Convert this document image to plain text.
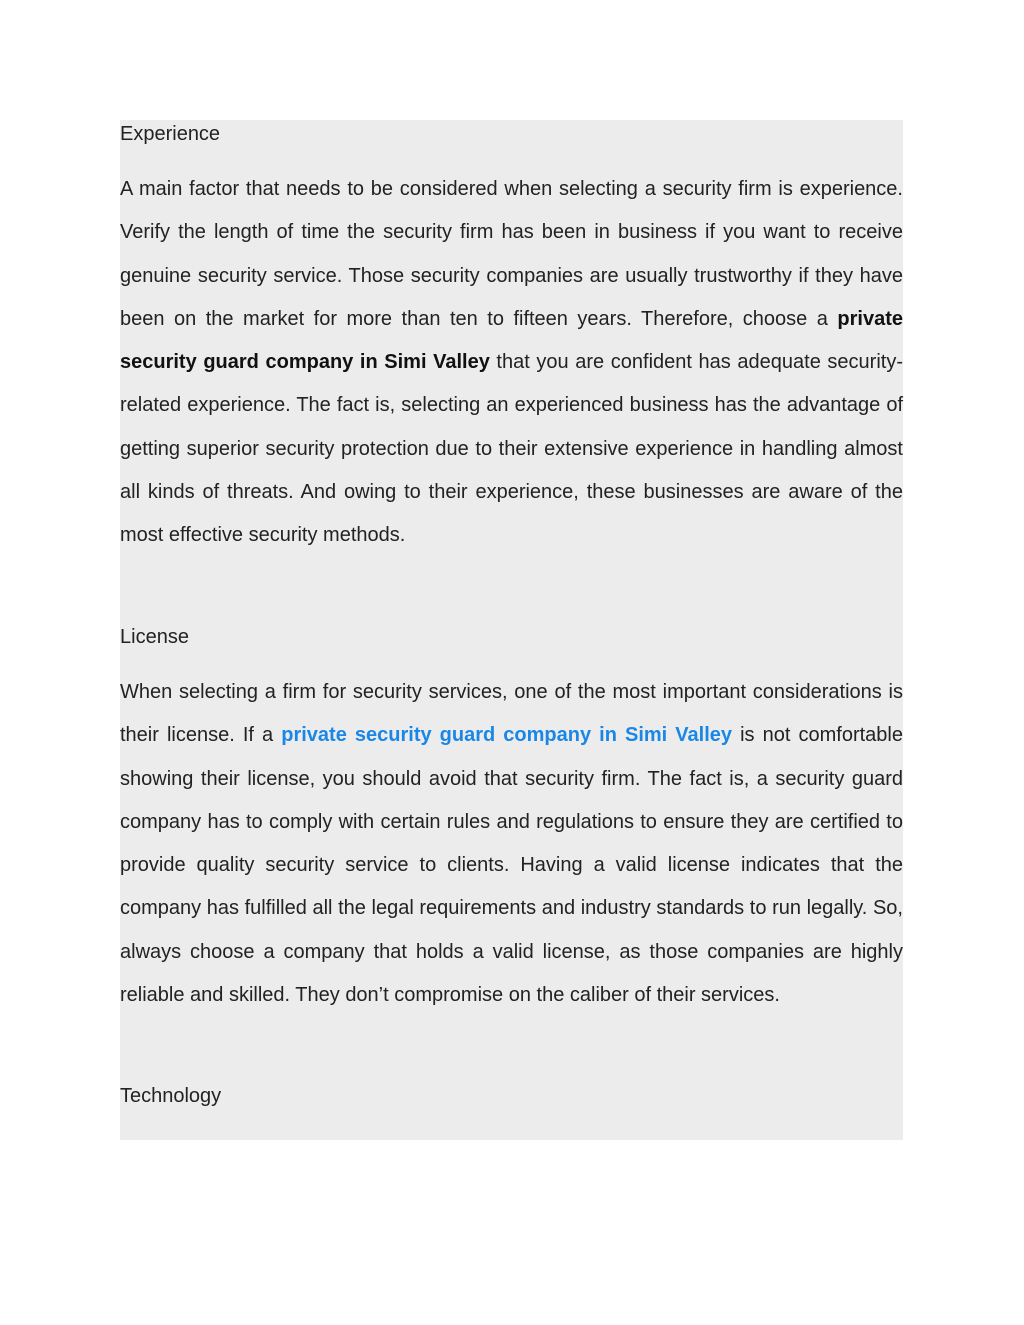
Experience

A main factor that needs to be considered when selecting a security firm is experience. Verify the length of time the security firm has been in business if you want to receive genuine security service. Those security companies are usually trustworthy if they have been on the market for more than ten to fifteen years. Therefore, choose a private security guard company in Simi Valley that you are confident has adequate security-related experience. The fact is, selecting an experienced business has the advantage of getting superior security protection due to their extensive experience in handling almost all kinds of threats. And owing to their experience, these businesses are aware of the most effective security methods.

License

When selecting a firm for security services, one of the most important considerations is their license. If a private security guard company in Simi Valley is not comfortable showing their license, you should avoid that security firm. The fact is, a security guard company has to comply with certain rules and regulations to ensure they are certified to provide quality security service to clients. Having a valid license indicates that the company has fulfilled all the legal requirements and industry standards to run legally. So, always choose a company that holds a valid license, as those companies are highly reliable and skilled. They don’t compromise on the caliber of their services.

Technology
